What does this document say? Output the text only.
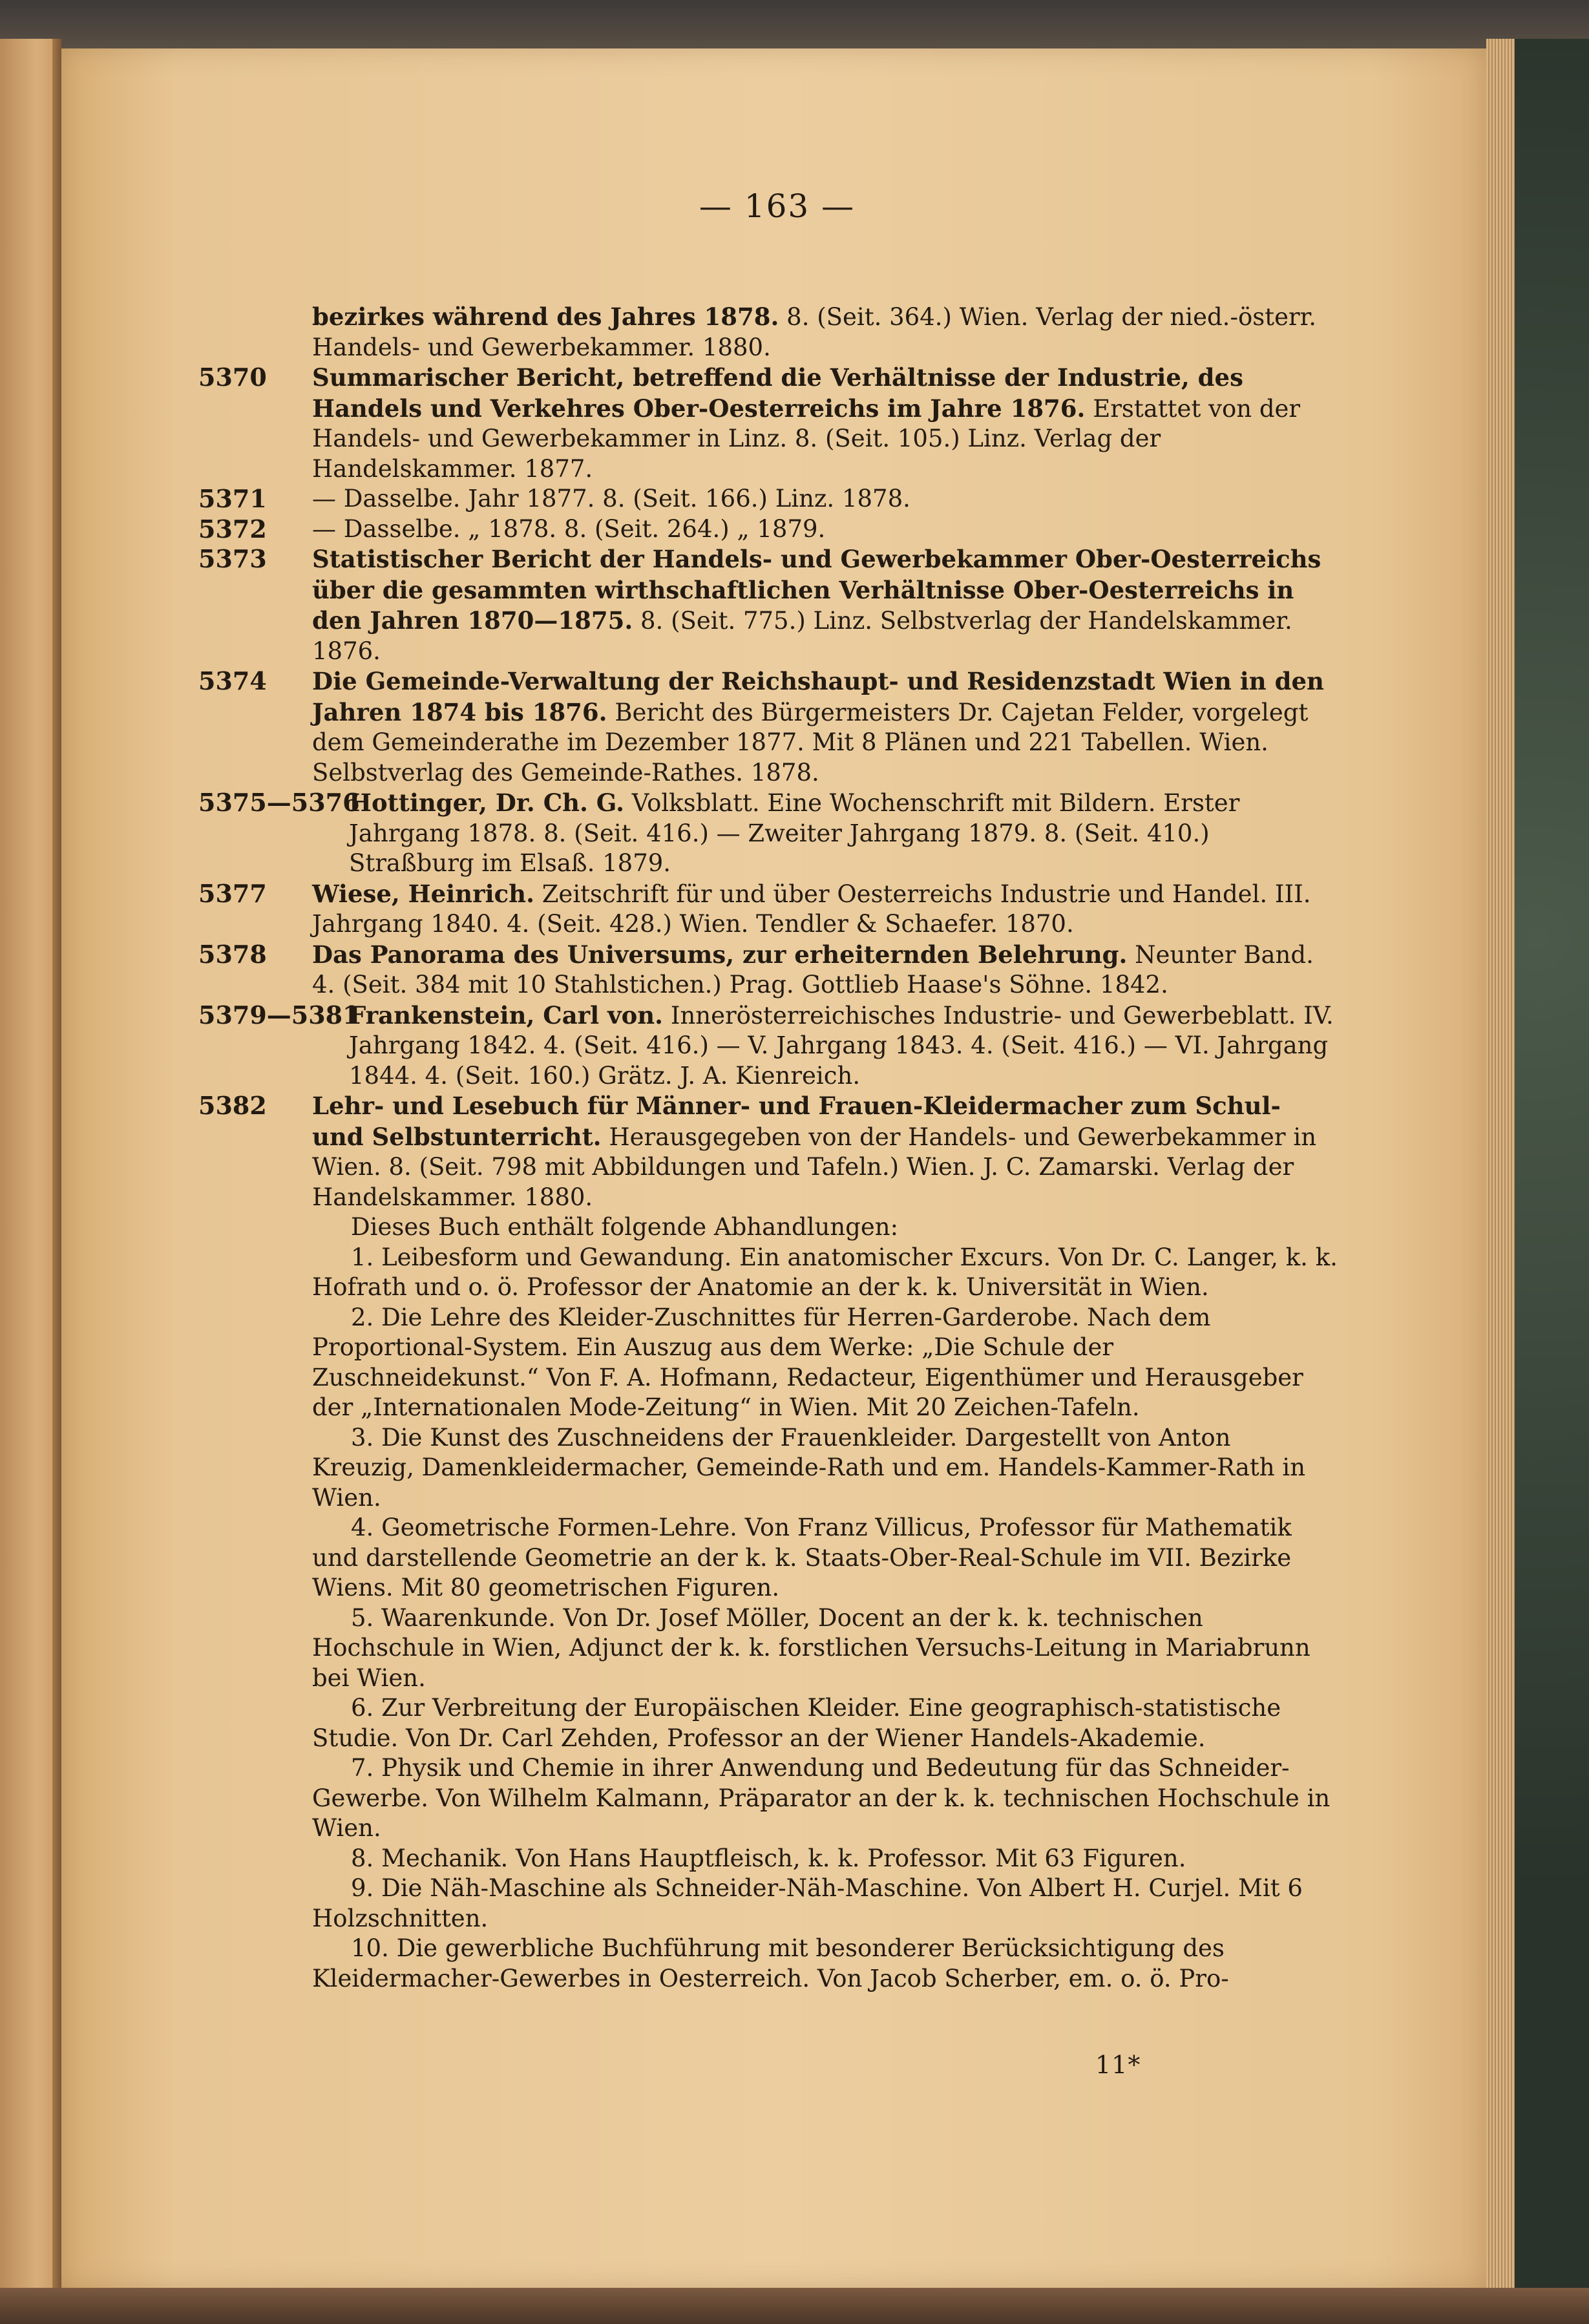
— 163 —

bezirkes während des Jahres 1878. 8. (Seit. 364.) Wien. Verlag der nied.-österr. Handels- und Gewerbekammer. 1880.

5370 Summarischer Bericht, betreffend die Verhältnisse der Industrie, des Handels und Verkehres Ober-Oesterreichs im Jahre 1876. Erstattet von der Handels- und Gewerbekammer in Linz. 8. (Seit. 105.) Linz. Verlag der Handelskammer. 1877.

5371 — Dasselbe. Jahr 1877. 8. (Seit. 166.) Linz. 1878.

5372 — Dasselbe. „ 1878. 8. (Seit. 264.) „ 1879.

5373 Statistischer Bericht der Handels- und Gewerbekammer Ober-Oesterreichs über die gesammten wirthschaftlichen Verhältnisse Ober-Oesterreichs in den Jahren 1870—1875. 8. (Seit. 775.) Linz. Selbstverlag der Handelskammer. 1876.

5374 Die Gemeinde-Verwaltung der Reichshaupt- und Residenzstadt Wien in den Jahren 1874 bis 1876. Bericht des Bürgermeisters Dr. Cajetan Felder, vorgelegt dem Gemeinderathe im Dezember 1877. Mit 8 Plänen und 221 Tabellen. Wien. Selbstverlag des Gemeinde-Rathes. 1878.

5375—5376

Hottinger, Dr. Ch. G. Volksblatt. Eine Wochenschrift mit Bildern. Erster Jahrgang 1878. 8. (Seit. 416.) — Zweiter Jahrgang 1879. 8. (Seit. 410.) Straßburg im Elsaß. 1879.

5377 Wiese, Heinrich. Zeitschrift für und über Oesterreichs Industrie und Handel. III. Jahrgang 1840. 4. (Seit. 428.) Wien. Tendler & Schaefer. 1870.

5378 Das Panorama des Universums, zur erheiternden Belehrung. Neunter Band. 4. (Seit. 384 mit 10 Stahlstichen.) Prag. Gottlieb Haase's Söhne. 1842.

5379—5381

Frankenstein, Carl von. Innerösterreichisches Industrie- und Gewerbeblatt. IV. Jahrgang 1842. 4. (Seit. 416.) — V. Jahrgang 1843. 4. (Seit. 416.) — VI. Jahrgang 1844. 4. (Seit. 160.) Grätz. J. A. Kienreich.

5382 Lehr- und Lesebuch für Männer- und Frauen-Kleidermacher zum Schul- und Selbstunterricht. Herausgegeben von der Handels- und Gewerbekammer in Wien. 8. (Seit. 798 mit Abbildungen und Tafeln.) Wien. J. C. Zamarski. Verlag der Handelskammer. 1880.

Dieses Buch enthält folgende Abhandlungen:

1. Leibesform und Gewandung. Ein anatomischer Excurs. Von Dr. C. Langer, k. k. Hofrath und o. ö. Professor der Anatomie an der k. k. Universität in Wien.

2. Die Lehre des Kleider-Zuschnittes für Herren-Garderobe. Nach dem Proportional-System. Ein Auszug aus dem Werke: „Die Schule der Zuschneidekunst.“ Von F. A. Hofmann, Redacteur, Eigenthümer und Herausgeber der „Internationalen Mode-Zeitung“ in Wien. Mit 20 Zeichen-Tafeln.

3. Die Kunst des Zuschneidens der Frauenkleider. Dargestellt von Anton Kreuzig, Damenkleidermacher, Gemeinde-Rath und em. Handels-Kammer-Rath in Wien.

4. Geometrische Formen-Lehre. Von Franz Villicus, Professor für Mathematik und darstellende Geometrie an der k. k. Staats-Ober-Real-Schule im VII. Bezirke Wiens. Mit 80 geometrischen Figuren.

5. Waarenkunde. Von Dr. Josef Möller, Docent an der k. k. technischen Hochschule in Wien, Adjunct der k. k. forstlichen Versuchs-Leitung in Mariabrunn bei Wien.

6. Zur Verbreitung der Europäischen Kleider. Eine geographisch-statistische Studie. Von Dr. Carl Zehden, Professor an der Wiener Handels-Akademie.

7. Physik und Chemie in ihrer Anwendung und Bedeutung für das Schneider-Gewerbe. Von Wilhelm Kalmann, Präparator an der k. k. technischen Hochschule in Wien.

8. Mechanik. Von Hans Hauptfleisch, k. k. Professor. Mit 63 Figuren.

9. Die Näh-Maschine als Schneider-Näh-Maschine. Von Albert H. Curjel. Mit 6 Holzschnitten.

10. Die gewerbliche Buchführung mit besonderer Berücksichtigung des Kleidermacher-Gewerbes in Oesterreich. Von Jacob Scherber, em. o. ö. Pro-

11*
